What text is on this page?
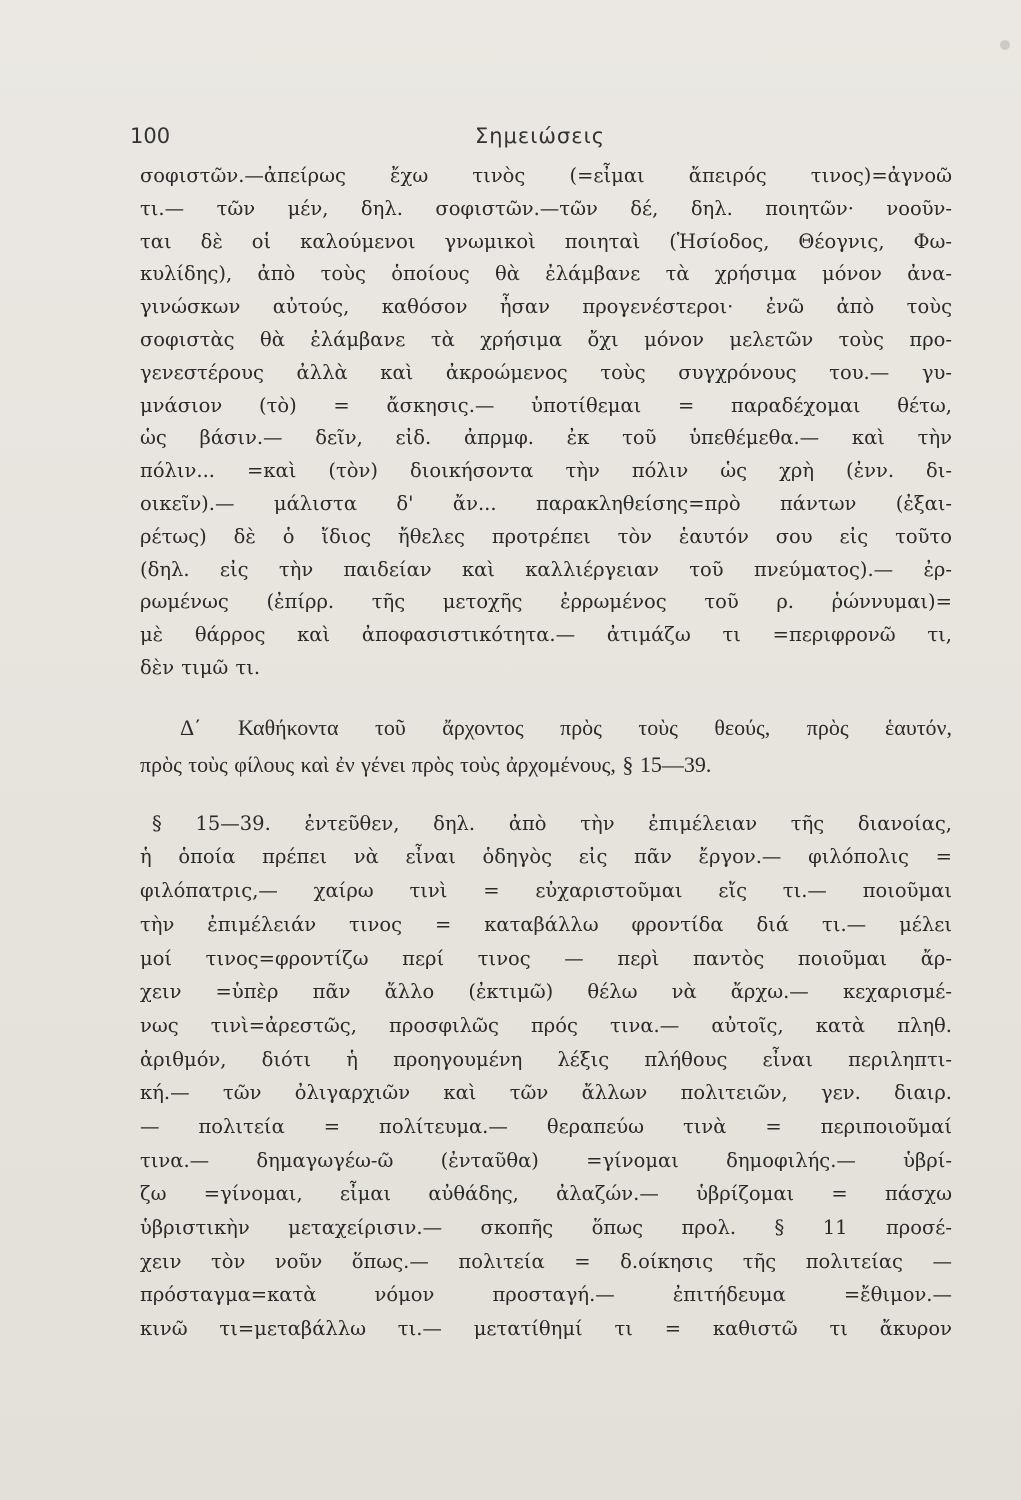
100	Σημειώσεις
σοφιστῶν.—ἀπείρως ἔχω τινὸς (=εἶμαι ἄπειρός τινος)=ἀγνοῶ
τι.— τῶν μέν, δηλ. σοφιστῶν.—τῶν δέ, δηλ. ποιητῶν· νοοῦν-
ται δὲ οἱ καλούμενοι γνωμικοὶ ποιηταὶ (Ἡσίοδος, Θέογνις, Φω-
κυλίδης), ἀπὸ τοὺς ὁποίους θὰ ἐλάμβανε τὰ χρήσιμα μόνον ἀνα-
γινώσκων αὐτούς, καθόσον ἦσαν προγενέστεροι· ἐνῶ ἀπὸ τοὺς
σοφιστὰς θὰ ἐλάμβανε τὰ χρήσιμα ὄχι μόνον μελετῶν τοὺς προ-
γενεστέρους ἀλλὰ καὶ ἀκροώμενος τοὺς συγχρόνους του.— γυ-
μνάσιον (τὸ) = ἄσκησις.— ὑποτίθεμαι = παραδέχομαι θέτω,
ὡς βάσιν.— δεῖν, εἰδ. ἀπρμφ. ἐκ τοῦ ὑπεθέμεθα.— καὶ τὴν
πόλιν... =καὶ (τὸν) διοικήσοντα τὴν πόλιν ὡς χρὴ (ἐνν. δι-
οικεῖν).— μάλιστα δ' ἄν... παρακληθείσης=πρὸ πάντων (ἐξαι-
ρέτως) δὲ ὁ ἴδιος ἤθελες προτρέπει τὸν ἑαυτόν σου εἰς τοῦτο
(δηλ. εἰς τὴν παιδείαν καὶ καλλιέργειαν τοῦ πνεύματος).— ἐρ-
ρωμένως (ἐπίρρ. τῆς μετοχῆς ἐρρωμένος τοῦ ρ. ῥώννυμαι)=
μὲ θάρρος καὶ ἀποφασιστικότητα.— ἀτιμάζω τι =περιφρονῶ τι,
δὲν τιμῶ τι.
Δ΄ Καθήκοντα τοῦ ἄρχοντος πρὸς τοὺς θεούς, πρὸς ἑαυτόν,
πρὸς τοὺς φίλους καὶ ἐν γένει πρὸς τοὺς ἀρχομένους, § 15—39.
§ 15—39. ἐντεῦθεν, δηλ. ἀπὸ τὴν ἐπιμέλειαν τῆς διανοίας,
ἡ ὁποία πρέπει νὰ εἶναι ὁδηγὸς εἰς πᾶν ἔργον.— φιλόπολις =
φιλόπατρις,— χαίρω τινὶ = εὐχαριστοῦμαι εἴς τι.— ποιοῦμαι
τὴν ἐπιμέλειάν τινος = καταβάλλω φροντίδα διά τι.— μέλει
μοί τινος=φροντίζω περί τινος — περὶ παντὸς ποιοῦμαι ἄρ-
χειν =ὑπὲρ πᾶν ἄλλο (ἐκτιμῶ) θέλω νὰ ἄρχω.— κεχαρισμέ-
νως τινὶ=ἀρεστῶς, προσφιλῶς πρός τινα.— αὐτοῖς, κατὰ πληθ.
ἀριθμόν, διότι ἡ προηγουμένη λέξις πλήθους εἶναι περιληπτι-
κή.— τῶν ὀλιγαρχιῶν καὶ τῶν ἄλλων πολιτειῶν, γεν. διαιρ.
— πολιτεία = πολίτευμα.— θεραπεύω τινὰ = περιποιοῦμαί
τινα.— δημαγωγέω-ῶ (ἐνταῦθα) =γίνομαι δημοφιλής.— ὑβρί-
ζω =γίνομαι, εἶμαι αὐθάδης, ἀλαζών.— ὑβρίζομαι = πάσχω
ὑβριστικὴν μεταχείρισιν.— σκοπῆς ὅπως προλ. § 11 προσέ-
χειν τὸν νοῦν ὅπως.— πολιτεία = δ.οίκησις τῆς πολιτείας —
πρόσταγμα=κατὰ νόμον προσταγή.— ἐπιτήδευμα =ἔθιμον.—
κινῶ τι=μεταβάλλω τι.— μετατίθημί τι = καθιστῶ τι ἄκυρον
